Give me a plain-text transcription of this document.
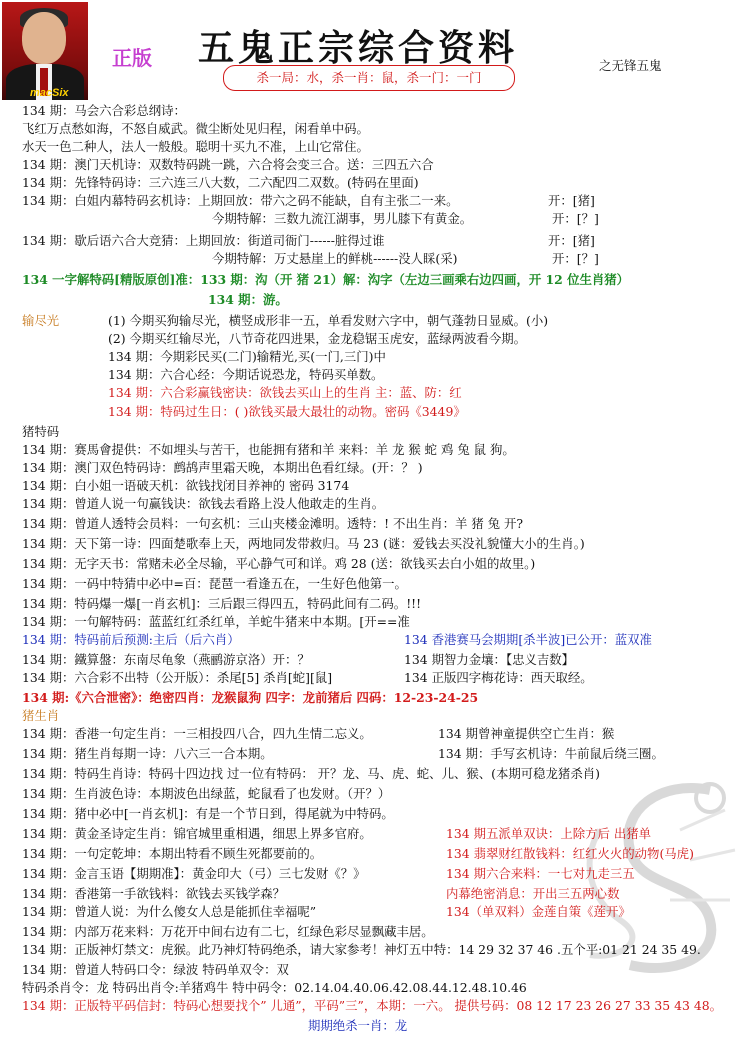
macSix
正版 五鬼正宗综合资料
杀一局：水，杀一肖：鼠，杀一门：一门
之无锋五鬼
134 期：马会六合彩总纲诗：
飞红万点愁如海，不怒自威武。微尘断处见归程，闲看单中码。
水天一色二种人，法人一般般。聪明十买九不准，上山它常住。
134 期：澳门天机诗：双数特码跳一跳，六合将会变三合。送：三四五六合
134 期：先锋特码诗：三六连三八大数，二六配四二双数。(特码在里面)
134 期：白姐内幕特码玄机诗：上期回放：带六之码不能缺，自有主张二一来。	开：[猪]
今期特解：三数九流江湖事，男儿膝下有黄金。	开：[？]
134 期：歇后语六合大竞猜：上期回放：街道司衙门------脏得过谁	开：[猪]
今期特解：万丈悬崖上的鲜桃------没人睬(采)	开：[？]
134 一字解特码[精版原创]准：133 期：沟（开 猪 21）解：沟字（左边三画乘右边四画，开 12 位生肖猪）
134 期：游。
输尽光	(1) 今期买狗输尽光，横竖成形非一五，单看发财六字中，朝气蓬勃日显威。(小)
(2) 今期买红输尽光，八节奇花四进果，金龙稳锯玉虎安，蓝绿两波看今期。
134 期：今期彩民买(二门)输精光,买(一门,三门)中
134 期：六合心经：今期话说恐龙，特码买单数。
134 期：六合彩赢钱密诀：欲钱去买山上的生肖 主：蓝、防：红
134 期：特码过生日：( )欲钱买最大最壮的动物。密码《3449》
猪特码
134 期：赛馬會提供：不如埋头与苦干，也能拥有猪和羊 来料：羊 龙 猴 蛇 鸡 兔 鼠 狗。
134 期：澳门双色特码诗：鹧鸪声里霜天晚，本期出色看红绿。(开：？ )
134 期：白小姐一语破天机：欲钱找闭目养神的 密码 3174
134 期：曾道人说一句赢钱诀：欲钱去看路上没人他敢走的生肖。
134 期：曾道人透特会员料：一句玄机：三山夹楼金滩明。透特：! 不出生肖：羊 猪 兔 开?
134 期：天下第一诗：四面楚歌奉上天，两地同发带救归。马 23 (谜：爱钱去买没礼貌懂大小的生肖。)
134 期：无字天书：常赌未必全尽输，平心静气可和详。鸡 28 (送：欲钱买去白小姐的故里。)
134 期：一码中特猜中必中=百：琵琶一看逢五在，一生好色他第一。
134 期：特码爆一爆[一肖玄机]：三后跟三得四五，特码此间有二码。!!!
134 期：一句解特码：蓝蓝红红杀红单，羊蛇牛猪来中本期。[开==准
134 期：特码前后预测:主后（后六肖）	134 香港赛马会期期[杀半波]已公开：蓝双准
134 期：鐵算盤：东南尽龟象（燕鹂游京洛）开：？	134 期智力金壤：【忠义吉数】
134 期：六合彩不出特（公开版）：杀尾[5] 杀肖[蛇][鼠]	134 正版四字梅花诗：西天取经。
134 期:《六合泄密》：绝密四肖：龙猴鼠狗 四字：龙前猪后 四码：12-23-24-25
猪生肖
134 期：香港一句定生肖：一三相投四八合，四九生情二忘义。	134 期曾神童提供空亡生肖：猴
134 期：猪生肖每期一诗：八六三一合本期。	134 期：手写玄机诗：牛前鼠后绕三圈。
134 期：特码生肖诗：特码十四边找 过一位有特码： 开？龙、马、虎、蛇、儿、猴、(本期可稳龙猪杀肖)
134 期：生肖波色诗：本期波色出绿蓝，蛇鼠看了也发财。（开？）
134 期：猪中必中[一肖玄机]：有是一个节日到，得尾就为中特码。
134 期：黄金圣诗定生肖：锦官城里重相遇，细思上界多官府。	134 期五派单双诀：上除方后 出猪单
134 期：一句定乾坤：本期出特看不顾生死都要前的。	134 翡翠财红散钱料：红红火火的动物(马虎)
134 期：金言玉语【期期准】：黄金印大（弓）三七发财《？》	134 期六合来料：一七对九走三五
134 期：香港第一手欲钱料：欲钱去买钱学森？	内幕绝密消息：开出三五两心数
134 期：曾道人说：为什么傻女人总是能抓住幸福呢”	134（单双料）金莲自策《莲开》
134 期：内部万花来料：万花开中间右边有二七，红绿色彩尽显飘藏丰居。
134 期：正版神灯禁文：虎猴。此乃神灯特码绝杀，请大家参考！神灯五中特：14 29 32 37 46 .五个平:01 21 24 35 49.
134 期：曾道人特码口令：绿波 特码单双令：双
特码杀肖令：龙 特码出肖令:羊猪鸡牛 特中码令：02.14.04.40.06.42.08.44.12.48.10.46
134 期：正版特平码信封：特码心想要找个” 儿通”，平码”三”，本期：一六。 提供号码：08 12 17 23 26 27 33 35 43 48。
期期绝杀一肖：龙
